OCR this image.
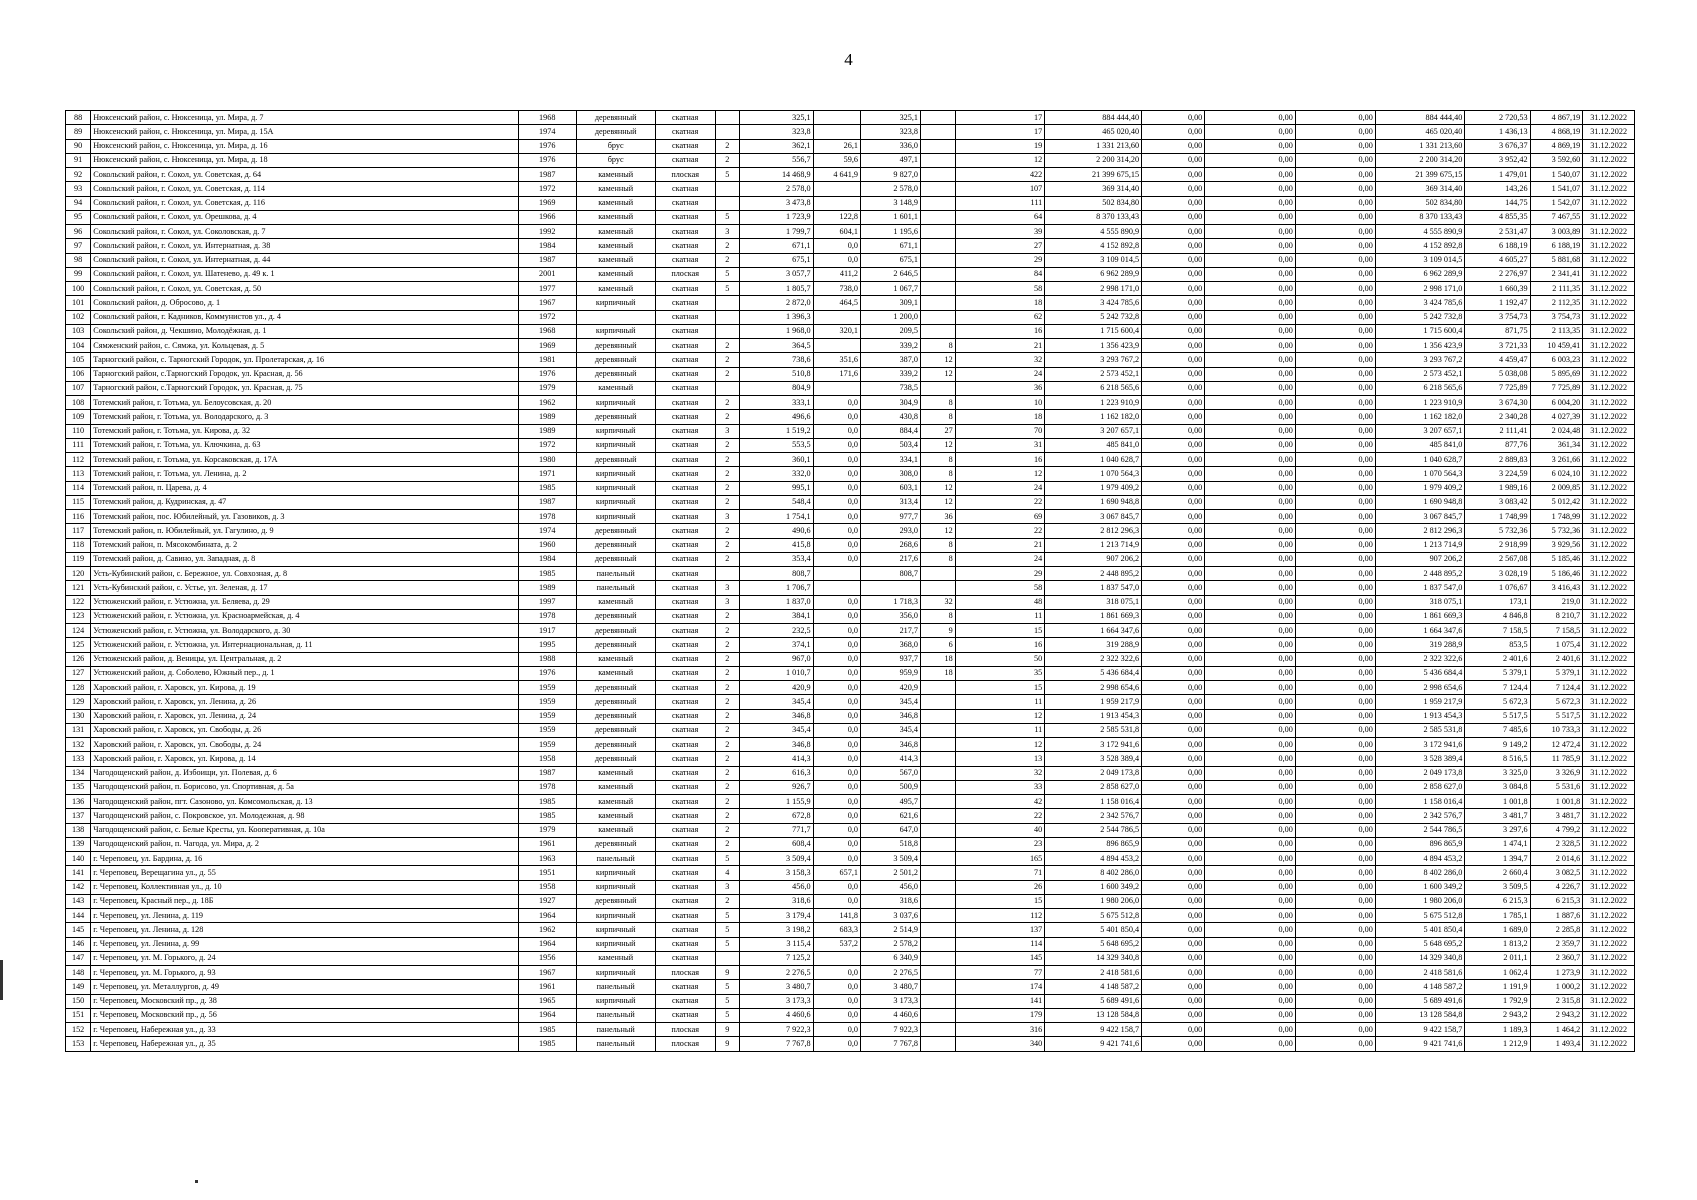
4
88	Нюксенский район, с. Нюксеница, ул. Мира, д. 7	1968	деревянный	скатная		325,1		325,1		17	884 444,40	0,00	0,00	0,00	884 444,40	2 720,53	4 867,19	31.12.2022
89	Нюксенский район, с. Нюксеница, ул. Мира, д. 15А	1974	деревянный	скатная		323,8		323,8		17	465 020,40	0,00	0,00	0,00	465 020,40	1 436,13	4 868,19	31.12.2022
90	Нюксенский район, с. Нюксеница, ул. Мира, д. 16	1976	брус	скатная	2	362,1	26,1	336,0		19	1 331 213,60	0,00	0,00	0,00	1 331 213,60	3 676,37	4 869,19	31.12.2022
91	Нюксенский район, с. Нюксеница, ул. Мира, д. 18	1976	брус	скатная	2	556,7	59,6	497,1		12	2 200 314,20	0,00	0,00	0,00	2 200 314,20	3 952,42	3 592,60	31.12.2022
92	Сокольский район, г. Сокол, ул. Советская, д. 64	1987	каменный	плоская	5	14 468,9	4 641,9	9 827,0		422	21 399 675,15	0,00	0,00	0,00	21 399 675,15	1 479,01	1 540,07	31.12.2022
93	Сокольский район, г. Сокол, ул. Советская, д. 114	1972	каменный	скатная		2 578,0		2 578,0		107	369 314,40	0,00	0,00	0,00	369 314,40	143,26	1 541,07	31.12.2022
94	Сокольский район, г. Сокол, ул. Советская, д. 116	1969	каменный	скатная		3 473,8		3 148,9		111	502 834,80	0,00	0,00	0,00	502 834,80	144,75	1 542,07	31.12.2022
95	Сокольский район, г. Сокол, ул. Орешкова, д. 4	1966	каменный	скатная	5	1 723,9	122,8	1 601,1		64	8 370 133,43	0,00	0,00	0,00	8 370 133,43	4 855,35	7 467,55	31.12.2022
96	Сокольский район, г. Сокол, ул. Соколовская, д. 7	1992	каменный	скатная	3	1 799,7	604,1	1 195,6		39	4 555 890,9	0,00	0,00	0,00	4 555 890,9	2 531,47	3 003,89	31.12.2022
97	Сокольский район, г. Сокол, ул. Интернатная, д. 38	1984	каменный	скатная	2	671,1	0,0	671,1		27	4 152 892,8	0,00	0,00	0,00	4 152 892,8	6 188,19	6 188,19	31.12.2022
98	Сокольский район, г. Сокол, ул. Интернатная, д. 44	1987	каменный	скатная	2	675,1	0,0	675,1		29	3 109 014,5	0,00	0,00	0,00	3 109 014,5	4 605,27	5 881,68	31.12.2022
99	Сокольский район, г. Сокол, ул. Шатенево, д. 49 к. 1	2001	каменный	плоская	5	3 057,7	411,2	2 646,5		84	6 962 289,9	0,00	0,00	0,00	6 962 289,9	2 276,97	2 341,41	31.12.2022
100	Сокольский район, г. Сокол, ул. Советская, д. 50	1977	каменный	скатная	5	1 805,7	738,0	1 067,7		58	2 998 171,0	0,00	0,00	0,00	2 998 171,0	1 660,39	2 111,35	31.12.2022
101	Сокольский район, д. Обросово, д. 1	1967	кирпичный	скатная		2 872,0	464,5	309,1		18	3 424 785,6	0,00	0,00	0,00	3 424 785,6	1 192,47	2 112,35	31.12.2022
102	Сокольский район, г. Кадников, Коммунистов ул., д. 4	1972		скатная		1 396,3		1 200,0		62	5 242 732,8	0,00	0,00	0,00	5 242 732,8	3 754,73	3 754,73	31.12.2022
103	Сокольский район, д. Чекшино, Молодёжная, д. 1	1968	кирпичный	скатная		1 968,0	320,1	209,5		16	1 715 600,4	0,00	0,00	0,00	1 715 600,4	871,75	2 113,35	31.12.2022
104	Сямженский район, с. Сямжа, ул. Кольцевая, д. 5	1969	деревянный	скатная	2	364,5		339,2	8	21	1 356 423,9	0,00	0,00	0,00	1 356 423,9	3 721,33	10 459,41	31.12.2022
105	Тарногский район, с. Тарногский Городок, ул. Пролетарская, д. 16	1981	деревянный	скатная	2	738,6	351,6	387,0	12	32	3 293 767,2	0,00	0,00	0,00	3 293 767,2	4 459,47	6 003,23	31.12.2022
106	Тарногский район, с.Тарногский Городок, ул. Красная, д. 56	1976	деревянный	скатная	2	510,8	171,6	339,2	12	24	2 573 452,1	0,00	0,00	0,00	2 573 452,1	5 038,08	5 895,69	31.12.2022
107	Тарногский район, с.Тарногский Городок, ул. Красная, д. 75	1979	каменный	скатная		804,9		738,5		36	6 218 565,6	0,00	0,00	0,00	6 218 565,6	7 725,89	7 725,89	31.12.2022
108	Тотемский район, г. Тотьма, ул. Белоусовская, д. 20	1962	кирпичный	скатная	2	333,1	0,0	304,9	8	10	1 223 910,9	0,00	0,00	0,00	1 223 910,9	3 674,30	6 004,20	31.12.2022
109	Тотемский район, г. Тотьма, ул. Володарского, д. 3	1989	деревянный	скатная	2	496,6	0,0	430,8	8	18	1 162 182,0	0,00	0,00	0,00	1 162 182,0	2 340,28	4 027,39	31.12.2022
110	Тотемский район, г. Тотьма, ул. Кирова, д. 32	1989	кирпичный	скатная	3	1 519,2	0,0	884,4	27	70	3 207 657,1	0,00	0,00	0,00	3 207 657,1	2 111,41	2 024,48	31.12.2022
111	Тотемский район, г. Тотьма, ул. Ключкина, д. 63	1972	кирпичный	скатная	2	553,5	0,0	503,4	12	31	485 841,0	0,00	0,00	0,00	485 841,0	877,76	361,34	31.12.2022
112	Тотемский район, г. Тотьма, ул. Корсаковская, д. 17А	1980	деревянный	скатная	2	360,1	0,0	334,1	8	16	1 040 628,7	0,00	0,00	0,00	1 040 628,7	2 889,83	3 261,66	31.12.2022
113	Тотемский район, г. Тотьма, ул. Ленина, д. 2	1971	кирпичный	скатная	2	332,0	0,0	308,0	8	12	1 070 564,3	0,00	0,00	0,00	1 070 564,3	3 224,59	6 024,10	31.12.2022
114	Тотемский район, п. Царева, д. 4	1985	кирпичный	скатная	2	995,1	0,0	603,1	12	24	1 979 409,2	0,00	0,00	0,00	1 979 409,2	1 989,16	2 009,85	31.12.2022
115	Тотемский район, д. Кудринская, д. 47	1987	кирпичный	скатная	2	548,4	0,0	313,4	12	22	1 690 948,8	0,00	0,00	0,00	1 690 948,8	3 083,42	5 012,42	31.12.2022
116	Тотемский район, пос. Юбилейный, ул. Газовиков, д. 3	1978	кирпичный	скатная	3	1 754,1	0,0	977,7	36	69	3 067 845,7	0,00	0,00	0,00	3 067 845,7	1 748,99	1 748,99	31.12.2022
117	Тотемский район, п. Юбилейный, ул. Гагулино, д. 9	1974	деревянный	скатная	2	490,6	0,0	293,0	12	22	2 812 296,3	0,00	0,00	0,00	2 812 296,3	5 732,36	5 732,36	31.12.2022
118	Тотемский район, п. Мясокомбината, д. 2	1960	деревянный	скатная	2	415,8	0,0	268,6	8	21	1 213 714,9	0,00	0,00	0,00	1 213 714,9	2 918,99	3 929,56	31.12.2022
119	Тотемский район, д. Савино, ул. Западная, д. 8	1984	деревянный	скатная	2	353,4	0,0	217,6	8	24	907 206,2	0,00	0,00	0,00	907 206,2	2 567,08	5 185,46	31.12.2022
120	Усть-Кубинский район, с. Бережное, ул. Совхозная, д. 8	1985	панельный	скатная		808,7		808,7		29	2 448 895,2	0,00	0,00	0,00	2 448 895,2	3 028,19	5 186,46	31.12.2022
121	Усть-Кубинский район, с. Устье, ул. Зеленая, д. 17	1989	панельный	скатная	3	1 706,7				58	1 837 547,0	0,00	0,00	0,00	1 837 547,0	1 076,67	3 416,43	31.12.2022
122	Устюженский район, г. Устюжна, ул. Беляева, д. 29	1997	каменный	скатная	3	1 837,0	0,0	1 718,3	32	48	318 075,1	0,00	0,00	0,00	318 075,1	173,1	219,0	31.12.2022
123	Устюженский район, г. Устюжна, ул. Красноармейская, д. 4	1978	деревянный	скатная	2	384,1	0,0	356,0	8	11	1 861 669,3	0,00	0,00	0,00	1 861 669,3	4 846,8	8 210,7	31.12.2022
124	Устюженский район, г. Устюжна, ул. Володарского, д. 30	1917	деревянный	скатная	2	232,5	0,0	217,7	9	15	1 664 347,6	0,00	0,00	0,00	1 664 347,6	7 158,5	7 158,5	31.12.2022
125	Устюженский район, г. Устюжна, ул. Интернациональная, д. 11	1995	деревянный	скатная	2	374,1	0,0	368,0	6	16	319 288,9	0,00	0,00	0,00	319 288,9	853,5	1 075,4	31.12.2022
126	Устюженский район, д. Веницы, ул. Центральная, д. 2	1988	каменный	скатная	2	967,0	0,0	937,7	18	50	2 322 322,6	0,00	0,00	0,00	2 322 322,6	2 401,6	2 401,6	31.12.2022
127	Устюженский район, д. Соболево, Южный пер., д. 1	1976	каменный	скатная	2	1 010,7	0,0	959,9	18	35	5 436 684,4	0,00	0,00	0,00	5 436 684,4	5 379,1	5 379,1	31.12.2022
128	Харовский район, г. Харовск, ул. Кирова, д. 19	1959	деревянный	скатная	2	420,9	0,0	420,9		15	2 998 654,6	0,00	0,00	0,00	2 998 654,6	7 124,4	7 124,4	31.12.2022
129	Харовский район, г. Харовск, ул. Ленина, д. 26	1959	деревянный	скатная	2	345,4	0,0	345,4		11	1 959 217,9	0,00	0,00	0,00	1 959 217,9	5 672,3	5 672,3	31.12.2022
130	Харовский район, г. Харовск, ул. Ленина, д. 24	1959	деревянный	скатная	2	346,8	0,0	346,8		12	1 913 454,3	0,00	0,00	0,00	1 913 454,3	5 517,5	5 517,5	31.12.2022
131	Харовский район, г. Харовск, ул. Свободы, д. 26	1959	деревянный	скатная	2	345,4	0,0	345,4		11	2 585 531,8	0,00	0,00	0,00	2 585 531,8	7 485,6	10 733,3	31.12.2022
132	Харовский район, г. Харовск, ул. Свободы, д. 24	1959	деревянный	скатная	2	346,8	0,0	346,8		12	3 172 941,6	0,00	0,00	0,00	3 172 941,6	9 149,2	12 472,4	31.12.2022
133	Харовский район, г. Харовск, ул. Кирова, д. 14	1958	деревянный	скатная	2	414,3	0,0	414,3		13	3 528 389,4	0,00	0,00	0,00	3 528 389,4	8 516,5	11 785,9	31.12.2022
134	Чагодощенский район, д. Избоищи, ул. Полевая, д. 6	1987	каменный	скатная	2	616,3	0,0	567,0		32	2 049 173,8	0,00	0,00	0,00	2 049 173,8	3 325,0	3 326,9	31.12.2022
135	Чагодощенский район, п. Борисово, ул. Спортивная, д. 5а	1978	каменный	скатная	2	926,7	0,0	500,9		33	2 858 627,0	0,00	0,00	0,00	2 858 627,0	3 084,8	5 531,6	31.12.2022
136	Чагодощенский район, пгт. Сазоново, ул. Комсомольская, д. 13	1985	каменный	скатная	2	1 155,9	0,0	495,7		42	1 158 016,4	0,00	0,00	0,00	1 158 016,4	1 001,8	1 001,8	31.12.2022
137	Чагодощенский район, с. Покровское, ул. Молодежная, д. 98	1985	каменный	скатная	2	672,8	0,0	621,6		22	2 342 576,7	0,00	0,00	0,00	2 342 576,7	3 481,7	3 481,7	31.12.2022
138	Чагодощенский район, с. Белые Кресты, ул. Кооперативная, д. 10а	1979	каменный	скатная	2	771,7	0,0	647,0		40	2 544 786,5	0,00	0,00	0,00	2 544 786,5	3 297,6	4 799,2	31.12.2022
139	Чагодощенский район, п. Чагода, ул. Мира, д. 2	1961	деревянный	скатная	2	608,4	0,0	518,8		23	896 865,9	0,00	0,00	0,00	896 865,9	1 474,1	2 328,5	31.12.2022
140	г. Череповец, ул. Бардина, д. 16	1963	панельный	скатная	5	3 509,4	0,0	3 509,4		165	4 894 453,2	0,00	0,00	0,00	4 894 453,2	1 394,7	2 014,6	31.12.2022
141	г. Череповец, Верещагина ул., д. 55	1951	кирпичный	скатная	4	3 158,3	657,1	2 501,2		71	8 402 286,0	0,00	0,00	0,00	8 402 286,0	2 660,4	3 082,5	31.12.2022
142	г. Череповец, Коллективная ул., д. 10	1958	кирпичный	скатная	3	456,0	0,0	456,0		26	1 600 349,2	0,00	0,00	0,00	1 600 349,2	3 509,5	4 226,7	31.12.2022
143	г. Череповец, Красный пер., д. 18Б	1927	деревянный	скатная	2	318,6	0,0	318,6		15	1 980 206,0	0,00	0,00	0,00	1 980 206,0	6 215,3	6 215,3	31.12.2022
144	г. Череповец, ул. Ленина, д. 119	1964	кирпичный	скатная	5	3 179,4	141,8	3 037,6		112	5 675 512,8	0,00	0,00	0,00	5 675 512,8	1 785,1	1 887,6	31.12.2022
145	г. Череповец, ул. Ленина, д. 128	1962	кирпичный	скатная	5	3 198,2	683,3	2 514,9		137	5 401 850,4	0,00	0,00	0,00	5 401 850,4	1 689,0	2 285,8	31.12.2022
146	г. Череповец, ул. Ленина, д. 99	1964	кирпичный	скатная	5	3 115,4	537,2	2 578,2		114	5 648 695,2	0,00	0,00	0,00	5 648 695,2	1 813,2	2 359,7	31.12.2022
147	г. Череповец, ул. М. Горького, д. 24	1956	каменный	скатная		7 125,2		6 340,9		145	14 329 340,8	0,00	0,00	0,00	14 329 340,8	2 011,1	2 360,7	31.12.2022
148	г. Череповец, ул. М. Горького, д. 93	1967	кирпичный	плоская	9	2 276,5	0,0	2 276,5		77	2 418 581,6	0,00	0,00	0,00	2 418 581,6	1 062,4	1 273,9	31.12.2022
149	г. Череповец, ул. Металлургов, д. 49	1961	панельный	скатная	5	3 480,7	0,0	3 480,7		174	4 148 587,2	0,00	0,00	0,00	4 148 587,2	1 191,9	1 000,2	31.12.2022
150	г. Череповец, Московский пр., д. 38	1965	кирпичный	скатная	5	3 173,3	0,0	3 173,3		141	5 689 491,6	0,00	0,00	0,00	5 689 491,6	1 792,9	2 315,8	31.12.2022
151	г. Череповец, Московский пр., д. 56	1964	панельный	скатная	5	4 460,6	0,0	4 460,6		179	13 128 584,8	0,00	0,00	0,00	13 128 584,8	2 943,2	2 943,2	31.12.2022
152	г. Череповец, Набережная ул., д. 33	1985	панельный	плоская	9	7 922,3	0,0	7 922,3		316	9 422 158,7	0,00	0,00	0,00	9 422 158,7	1 189,3	1 464,2	31.12.2022
153	г. Череповец, Набережная ул., д. 35	1985	панельный	плоская	9	7 767,8	0,0	7 767,8		340	9 421 741,6	0,00	0,00	0,00	9 421 741,6	1 212,9	1 493,4	31.12.2022
